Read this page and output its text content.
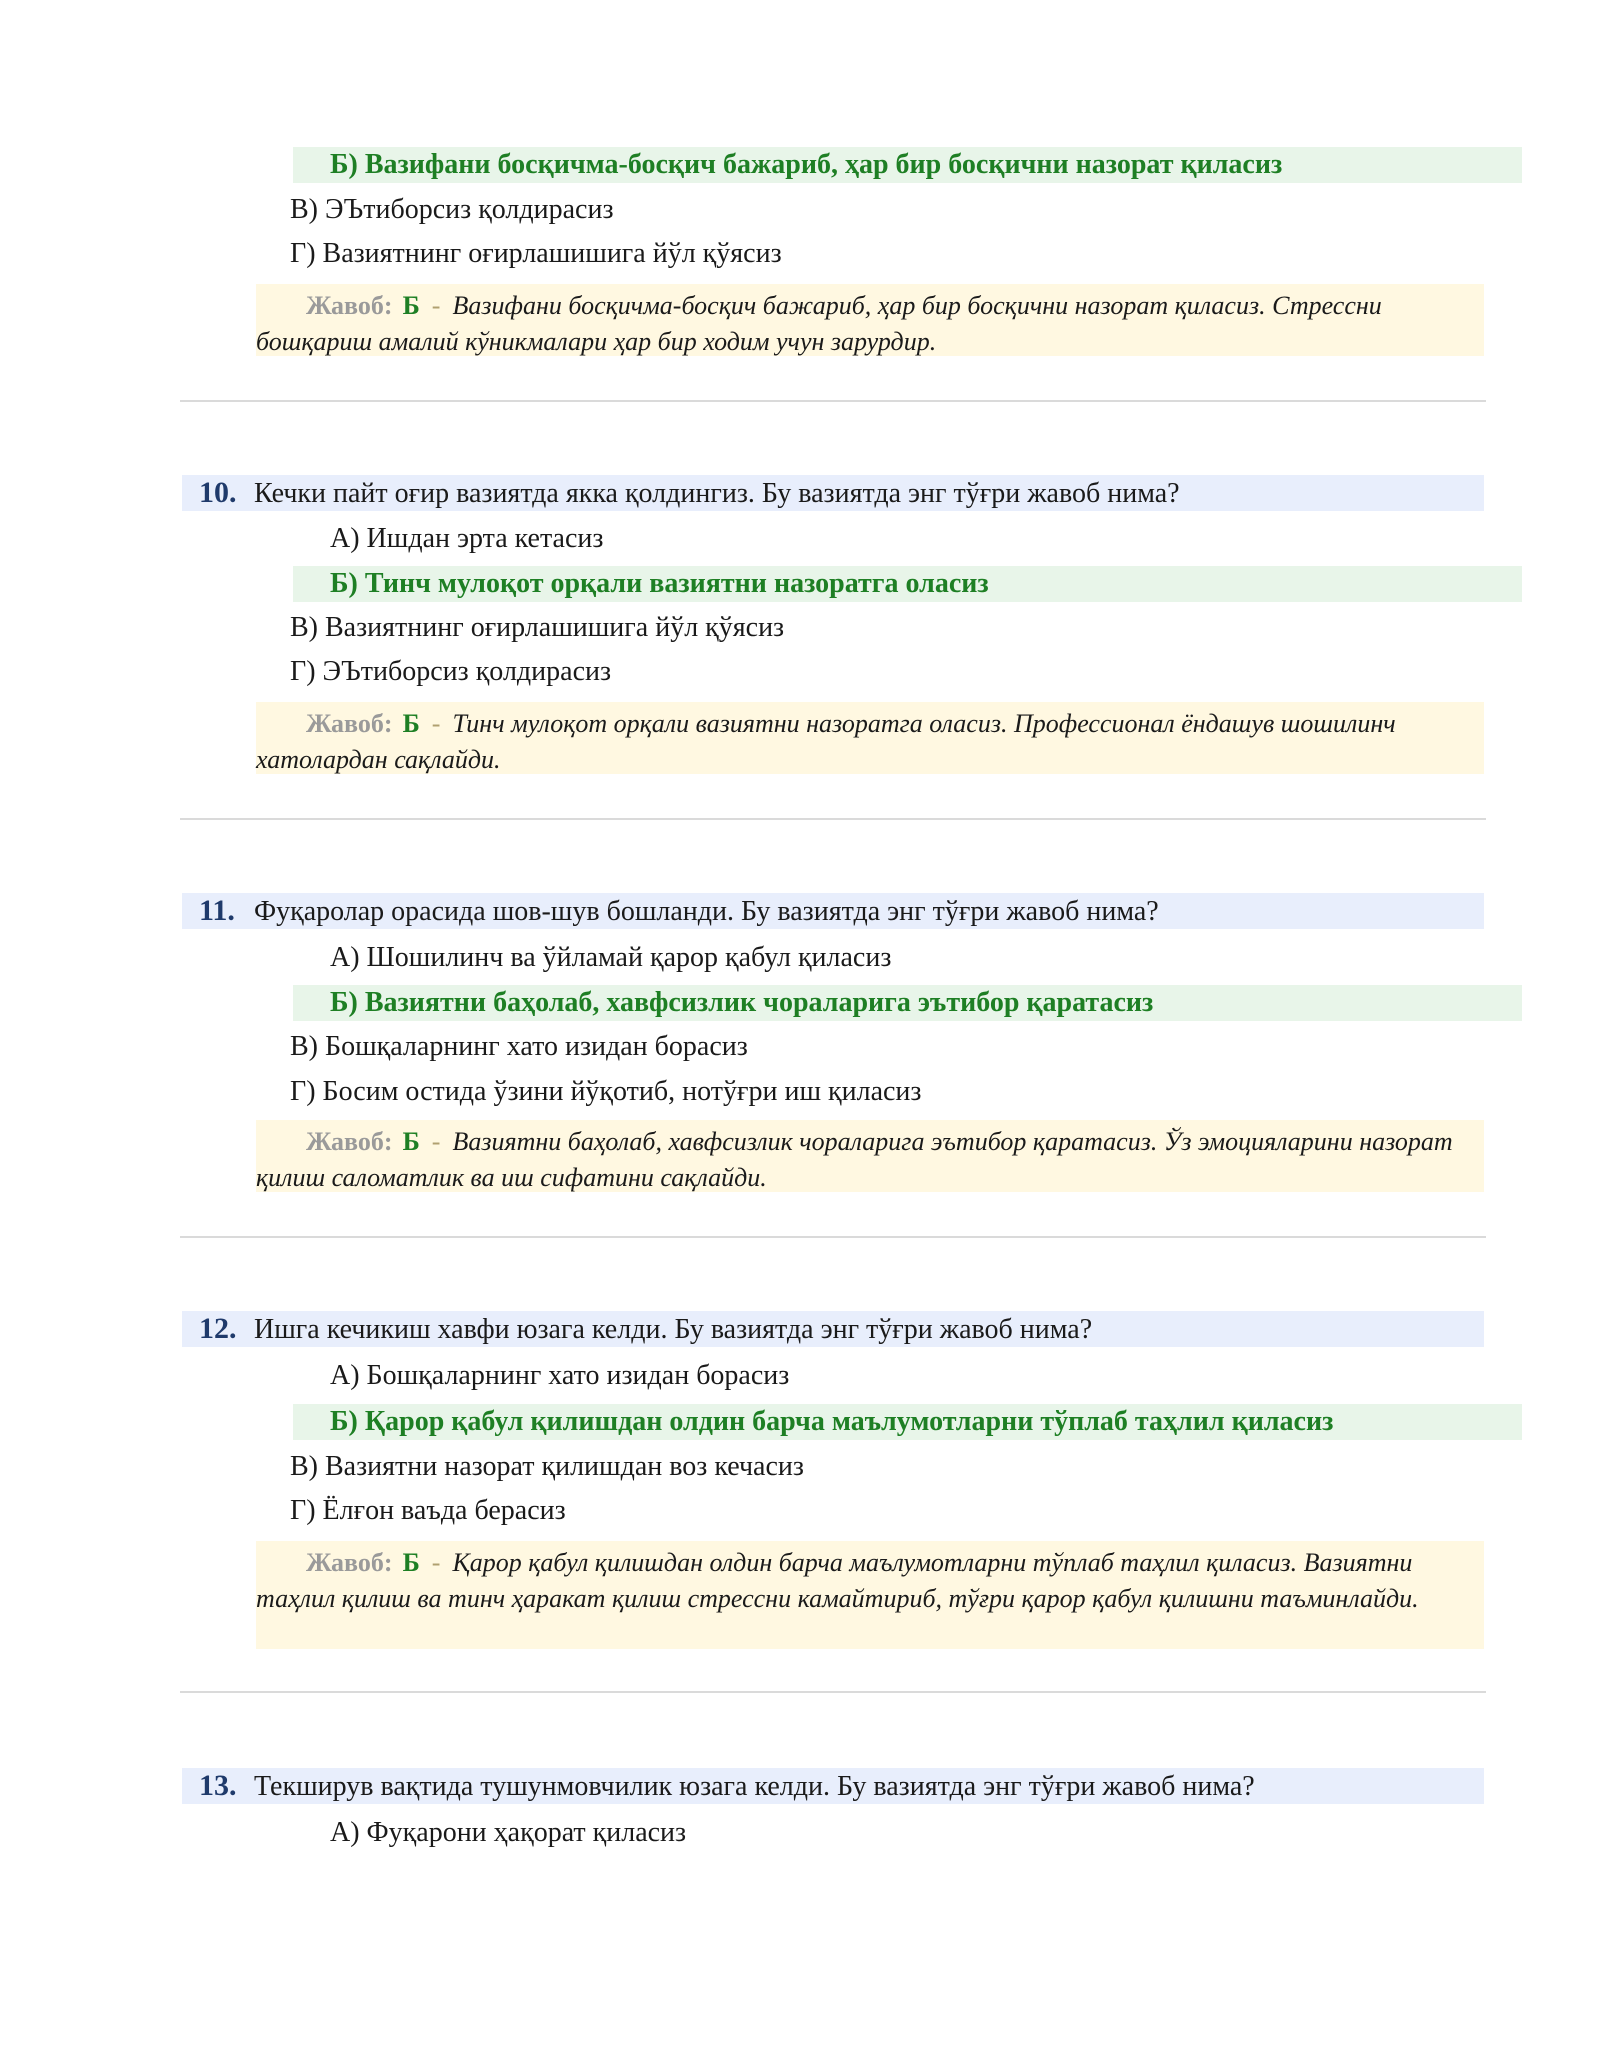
Б) Вазифани босқичма-босқич бажариб, ҳар бир босқични назорат қиласиз
В) ЭЪтиборсиз қолдирасиз
Г) Вазиятнинг оғирлашишига йўл қўясиз
Жавоб: Б - Вазифани босқичма-босқич бажариб, ҳар бир босқични назорат қиласиз. Стрессни бошқариш амалий кўникмалари ҳар бир ходим учун зарурдир.
10. Кечки пайт оғир вазиятда якка қолдингиз. Бу вазиятда энг тўғри жавоб нима?
А) Ишдан эрта кетасиз
Б) Тинч мулоқот орқали вазиятни назоратга оласиз
В) Вазиятнинг оғирлашишига йўл қўясиз
Г) ЭЪтиборсиз қолдирасиз
Жавоб: Б - Тинч мулоқот орқали вазиятни назоратга оласиз. Профессионал ёндашув шошилинч хатолардан сақлайди.
11. Фуқаролар орасида шов-шув бошланди. Бу вазиятда энг тўғри жавоб нима?
А) Шошилинч ва ўйламай қарор қабул қиласиз
Б) Вазиятни баҳолаб, хавфсизлик чораларига эътибор қаратасиз
В) Бошқаларнинг хато изидан борасиз
Г) Босим остида ўзини йўқотиб, нотўғри иш қиласиз
Жавоб: Б - Вазиятни баҳолаб, хавфсизлик чораларига эътибор қаратасиз. Ўз эмоцияларини назорат қилиш саломатлик ва иш сифатини сақлайди.
12. Ишга кечикиш хавфи юзага келди. Бу вазиятда энг тўғри жавоб нима?
А) Бошқаларнинг хато изидан борасиз
Б) Қарор қабул қилишдан олдин барча маълумотларни тўплаб таҳлил қиласиз
В) Вазиятни назорат қилишдан воз кечасиз
Г) Ёлғон ваъда берасиз
Жавоб: Б - Қарор қабул қилишдан олдин барча маълумотларни тўплаб таҳлил қиласиз. Вазиятни таҳлил қилиш ва тинч ҳаракат қилиш стрессни камайтириб, тўғри қарор қабул қилишни таъминлайди.
13. Текширув вақтида тушунмовчилик юзага келди. Бу вазиятда энг тўғри жавоб нима?
А) Фуқарони ҳақорат қиласиз
